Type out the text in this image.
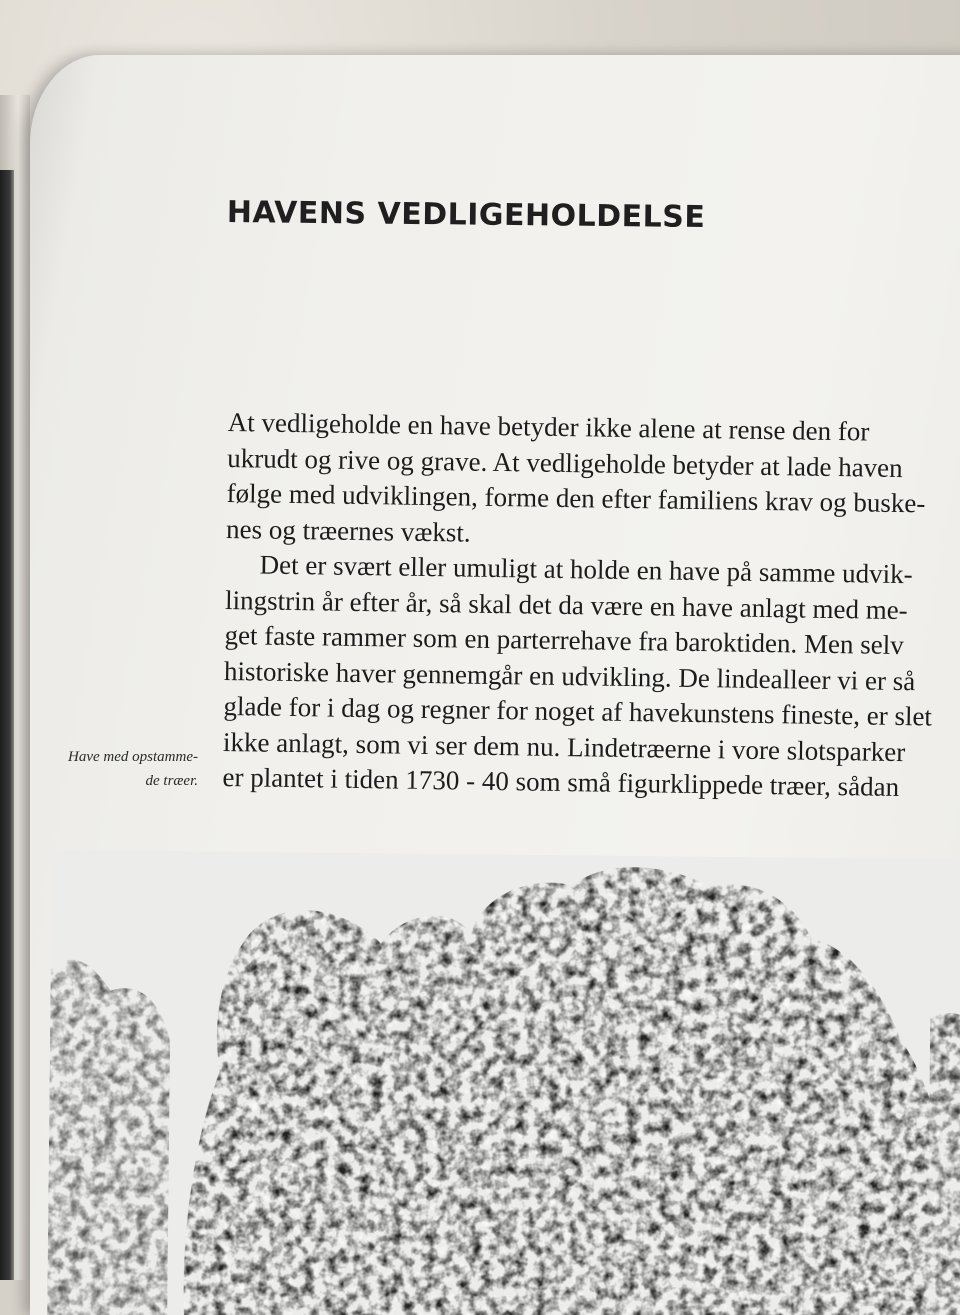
HAVENS VEDLIGEHOLDELSE
At vedligeholde en have betyder ikke alene at rense den for
ukrudt og rive og grave. At vedligeholde betyder at lade haven
følge med udviklingen, forme den efter familiens krav og buske-
nes og træernes vækst.
Det er svært eller umuligt at holde en have på samme udvik-
lingstrin år efter år, så skal det da være en have anlagt med me-
get faste rammer som en parterrehave fra baroktiden. Men selv
historiske haver gennemgår en udvikling. De lindealleer vi er så
glade for i dag og regner for noget af havekunstens fineste, er slet
ikke anlagt, som vi ser dem nu. Lindetræerne i vore slotsparker
er plantet i tiden 1730 - 40 som små figurklippede træer, sådan
Have med opstamme-
de træer.
